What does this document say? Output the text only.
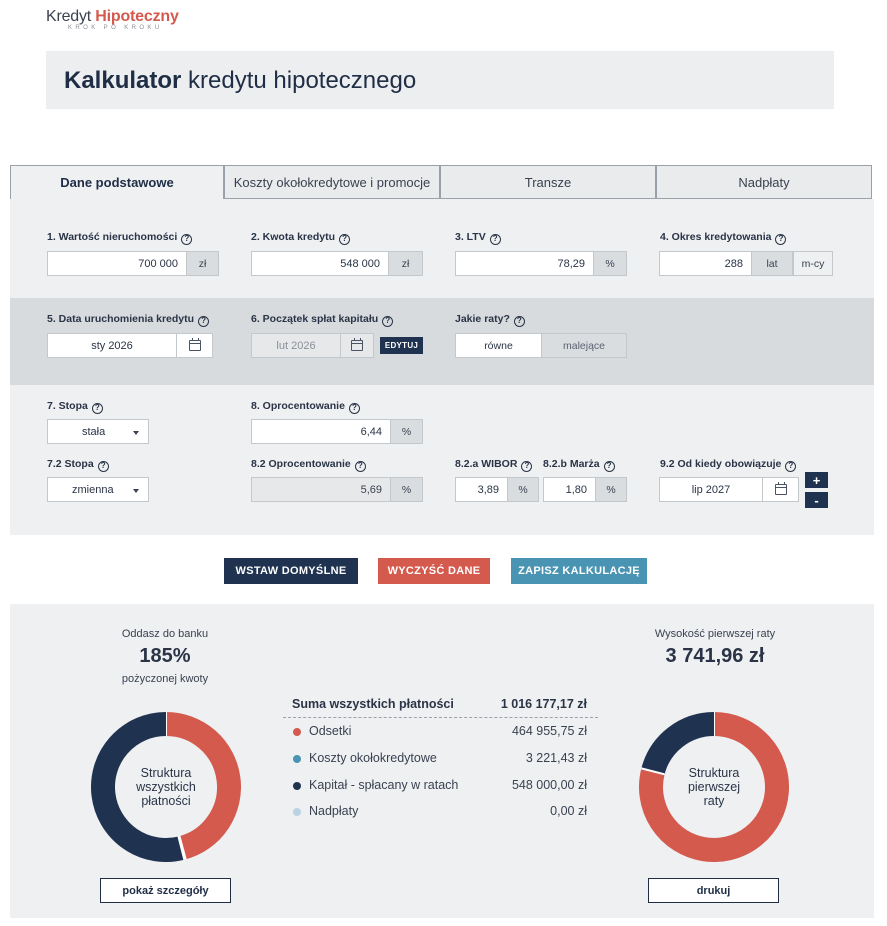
Kredyt Hipoteczny
KROK PO KROKU
Kalkulator kredytu hipotecznego
Dane podstawowe	Koszty okołokredytowe i promocje	Transze	Nadpłaty
1. Wartość nieruchomości ?
700 000	zł
2. Kwota kredytu ?
548 000	zł
3. LTV ?
78,29	%
4. Okres kredytowania ?
288	lat	m-cy
5. Data uruchomienia kredytu ?
sty 2026
6. Początek spłat kapitału ?
lut 2026	EDYTUJ
Jakie raty? ?
równe	malejące
7. Stopa ?
stała
8. Oprocentowanie ?
6,44	%
7.2 Stopa ?
zmienna
8.2 Oprocentowanie ?
5,69	%
8.2.a WIBOR ?
3,89	%
8.2.b Marża ?
1,80	%
9.2 Od kiedy obowiązuje ?
lip 2027
+
-
WSTAW DOMYŚLNE	WYCZYŚĆ DANE	ZAPISZ KALKULACJĘ
Oddasz do banku
185%
pożyczonej kwoty
Wysokość pierwszej raty
3 741,96 zł
Struktura
wszystkich
płatności
pokaż szczegóły
Suma wszystkich płatności	1 016 177,17 zł
Odsetki	464 955,75 zł
Koszty okołokredytowe	3 221,43 zł
Kapitał - spłacany w ratach	548 000,00 zł
Nadpłaty	0,00 zł
Struktura
pierwszej
raty
drukuj
